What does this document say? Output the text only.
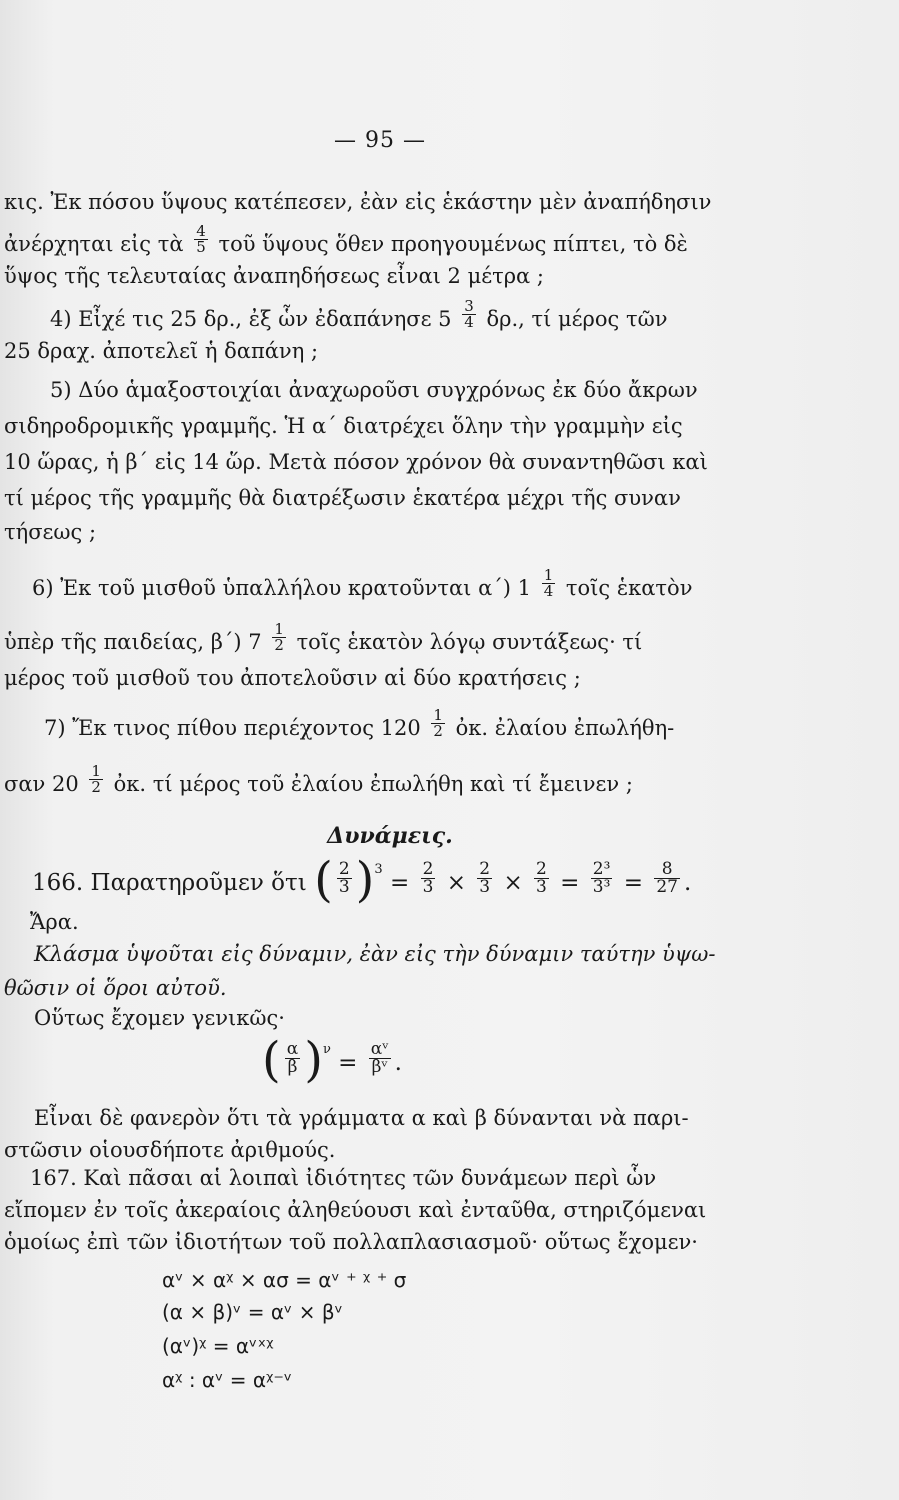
— 95 —
κις. Ἐκ πόσου ὕψους κατέπεσεν, ἐὰν εἰς ἑκάστην μὲν ἀναπήδησιν
ἀνέρχηται εἰς τὰ $\frac{4}{5}$ τοῦ ὕψους ὅθεν προηγουμένως πίπτει, τὸ δὲ
ὕψος τῆς τελευταίας ἀναπηδήσεως εἶναι 2 μέτρα ;
4) Εἶχέ τις 25 δρ., ἐξ ὧν ἐδαπάνησε $5 \frac{3}{4} \delta\rho$., τί μέρος τῶν
25 δραχ. ἀποτελεῖ ἡ δαπάνη ;
5) Δύο ἁμαξοστοιχίαι ἀναχωροῦσι συγχρόνως ἐκ δύο ἄκρων
σιδηροδρομικῆς γραμμῆς. Ἡ α΄ διατρέχει ὅλην τὴν γραμμὴν εἰς
10 ὥρας, ἡ β΄ εἰς 14 ὥρ. Μετὰ πόσον χρόνον θὰ συναντηθῶσι καὶ
τί μέρος τῆς γραμμῆς θὰ διατρέξωσιν ἑκατέρα μέχρι τῆς συναν
τήσεως ;
6) Ἐκ τοῦ μισθοῦ ὑπαλλήλου κρατοῦνται α΄) $1 \frac{1}{4}$ τοῖς ἑκατὸν
ὑπὲρ τῆς παιδείας, β΄) $7 \frac{1}{2}$ τοῖς ἑκατὸν λόγῳ συντάξεως· τί
μέρος τοῦ μισθοῦ του ἀποτελοῦσιν αἱ δύο κρατήσεις ;
7) Ἔκ τινος πίθου περιέχοντος $120 \frac{1}{2}$ ὀκ. ἐλαίου ἐπωλήθη-
σαν $20 \frac{1}{2}$ ὀκ. τί μέρος τοῦ ἐλαίου ἐπωλήθη καὶ τί ἔμεινεν ;
Δυνάμεις.
166. Παρατηροῦμεν ὅτι ( $\frac{2}{3} )^3 = \frac{2}{3} \times \frac{2}{3} \times \frac{2}{3} = \frac{\text{2³}}{\text{3³}} = \frac{8}{27}$ .
Ἄρα.
Κλάσμα ὑψοῦται εἰς δύναμιν, ἐὰν εἰς τὴν δύναμιν ταύτην ὑψω-
θῶσιν οἱ ὅροι αὐτοῦ.
Οὕτως ἔχομεν γενικῶς·
( $\frac{\alpha}{\beta} )^\nu = \frac{\text{αᵛ}}{\text{βᵛ}}$ .
Εἶναι δὲ φανερὸν ὅτι τὰ γράμματα α καὶ β δύνανται νὰ παρι-
στῶσιν οἱουσδήποτε ἀριθμούς.
167. Καὶ πᾶσαι αἱ λοιπαὶ ἰδιότητες τῶν δυνάμεων περὶ ὧν
εἴπομεν ἐν τοῖς ἀκεραίοις ἀληθεύουσι καὶ ἐνταῦθα, στηριζόμεναι
ὁμοίως ἐπὶ τῶν ἰδιοτήτων τοῦ πολλαπλασιασμοῦ· οὕτως ἔχομεν·
αᵛ × αᵡ × ασ = αᵛ ⁺ ᵡ ⁺ σ
(α × β)ᵛ = αᵛ × βᵛ
(αᵛ)ᵡ = αᵛˣᵡ
αᵡ : αᵛ = αᵡ⁻ᵛ
